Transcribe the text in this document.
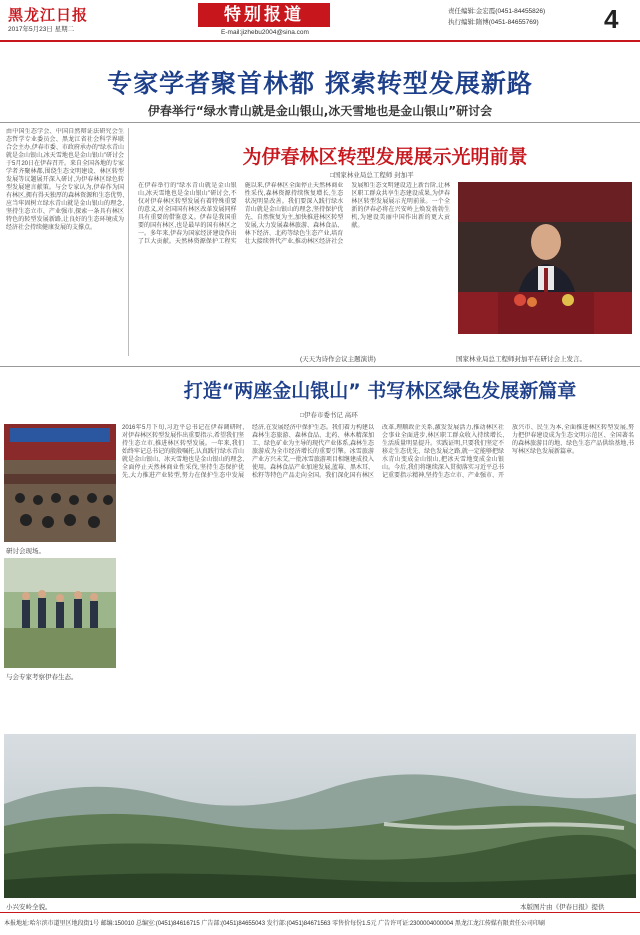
黑龙江日报
2017年5月23日 星期二
特别报道
E-mail:jizhebu2004@sina.com
责任编辑:金宏霞(0451-84455826)
执行编辑:隋博(0451-84655769)	4
专家学者聚首林都 探索转型发展新路
伊春举行“绿水青山就是金山银山,冰天雪地也是金山银山”研讨会
由中国生态学会、中国自然辩证法研究会生态哲学专业委员会、黑龙江省社会科学界联合会主办,伊春市委、市政府承办的“绿水青山就是金山银山,冰天雪地也是金山银山”研讨会于5月20日在伊春召开。来自全国各地的专家学者齐聚林都,围绕生态文明建设、林区转型发展等议题展开深入研讨,为伊春林区绿色转型发展建言献策。与会专家认为,伊春作为国有林区,拥有得天独厚的森林资源和生态优势,应当牢固树立绿水青山就是金山银山的理念,坚持生态立市、产业强市,探索一条具有林区特色的转型发展新路,让良好的生态环境成为经济社会持续健康发展的支撑点。
为伊春林区转型发展展示光明前景
□国家林业局总工程师 封加平
在伊春举行的“绿水青山就是金山银山,冰天雪地也是金山银山”研讨会,不仅对伊春林区转型发展有着特殊重要的意义,对全国国有林区改革发展同样具有重要的借鉴意义。伊春是我国重要的国有林区,也是最早的国有林区之一。多年来,伊春为国家经济建设作出了巨大贡献。天然林资源保护工程实施以来,伊春林区全面停止天然林商业性采伐,森林资源持续恢复增长,生态状况明显改善。我们要深入践行绿水青山就是金山银山的理念,坚持保护优先、自然恢复为主,加快推进林区转型发展,大力发展森林旅游、森林食品、林下经济、北药等绿色生态产业,培育壮大接续替代产业,推动林区经济社会发展和生态文明建设迈上新台阶,让林区职工群众共享生态建设成果,为伊春林区转型发展展示光明前景。一个全新的伊春必将在兴安岭上焕发勃勃生机,为建设美丽中国作出新的更大贡献。
(天天为诗作会议主题演讲)	国家林业局总工程师封加平在研讨会上发言。
打造“两座金山银山” 书写林区绿色发展新篇章
□伊春市委书记 高环
研讨会现场。
与会专家考察伊春生态。
2016年5月下旬,习近平总书记在伊春调研时,对伊春林区转型发展作出重要指示,希望我们坚持生态立市,推进林区转型发展。一年来,我们始终牢记总书记的殷殷嘱托,认真践行绿水青山就是金山银山、冰天雪地也是金山银山的理念,全面停止天然林商业性采伐,坚持生态保护优先,大力推进产业转型,努力在保护生态中发展经济,在发展经济中保护生态。我们着力构建以森林生态旅游、森林食品、北药、林木精深加工、绿色矿业为主导的现代产业体系,森林生态旅游成为全市经济增长的重要引擎。冰雪旅游产业方兴未艾,一批冰雪旅游项目相继建成投入使用。森林食品产业加速发展,蓝莓、黑木耳、松籽等特色产品走向全国。我们深化国有林区改革,理顺政企关系,激发发展活力,推动林区社会事业全面进步,林区职工群众收入持续增长,生活质量明显提升。实践证明,只要我们坚定不移走生态优先、绿色发展之路,就一定能够把绿水青山变成金山银山,把冰天雪地变成金山银山。今后,我们将继续深入贯彻落实习近平总书记重要指示精神,坚持生态立市、产业强市、开放兴市、民生为本,全面推进林区转型发展,努力把伊春建设成为生态文明示范区、全国著名的森林旅游目的地、绿色生态产品供给基地,书写林区绿色发展新篇章。
小兴安岭全貌。	本版图片由《伊春日报》提供
本报地址:哈尔滨市道里区地段街1号 邮编:150010 总编室:(0451)84616715 广告部:(0451)84655043 发行部:(0451)84671563 零售价每份1.5元 广告许可证:2300004000004 黑龙江龙江传媒有限责任公司印刷
